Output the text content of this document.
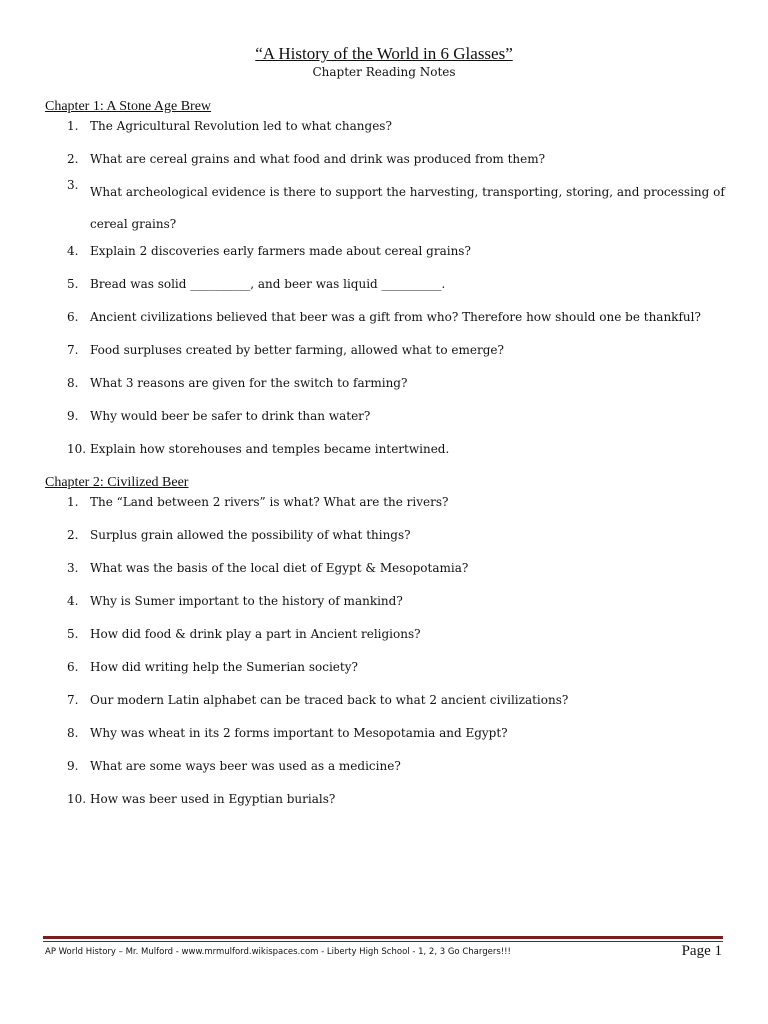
“A History of the World in 6 Glasses”
Chapter Reading Notes
Chapter 1: A Stone Age Brew
1. The Agricultural Revolution led to what changes?
2. What are cereal grains and what food and drink was produced from them?
3. What archeological evidence is there to support the harvesting, transporting, storing, and processing of cereal grains?
4. Explain 2 discoveries early farmers made about cereal grains?
5. Bread was solid __________, and beer was liquid __________.
6. Ancient civilizations believed that beer was a gift from who? Therefore how should one be thankful?
7. Food surpluses created by better farming, allowed what to emerge?
8. What 3 reasons are given for the switch to farming?
9. Why would beer be safer to drink than water?
10. Explain how storehouses and temples became intertwined.
Chapter 2: Civilized Beer
1. The “Land between 2 rivers” is what? What are the rivers?
2. Surplus grain allowed the possibility of what things?
3. What was the basis of the local diet of Egypt & Mesopotamia?
4. Why is Sumer important to the history of mankind?
5. How did food & drink play a part in Ancient religions?
6. How did writing help the Sumerian society?
7. Our modern Latin alphabet can be traced back to what 2 ancient civilizations?
8. Why was wheat in its 2 forms important to Mesopotamia and Egypt?
9. What are some ways beer was used as a medicine?
10. How was beer used in Egyptian burials?
AP World History – Mr. Mulford - www.mrmulford.wikispaces.com - Liberty High School - 1, 2, 3 Go Chargers!!!	Page 1
